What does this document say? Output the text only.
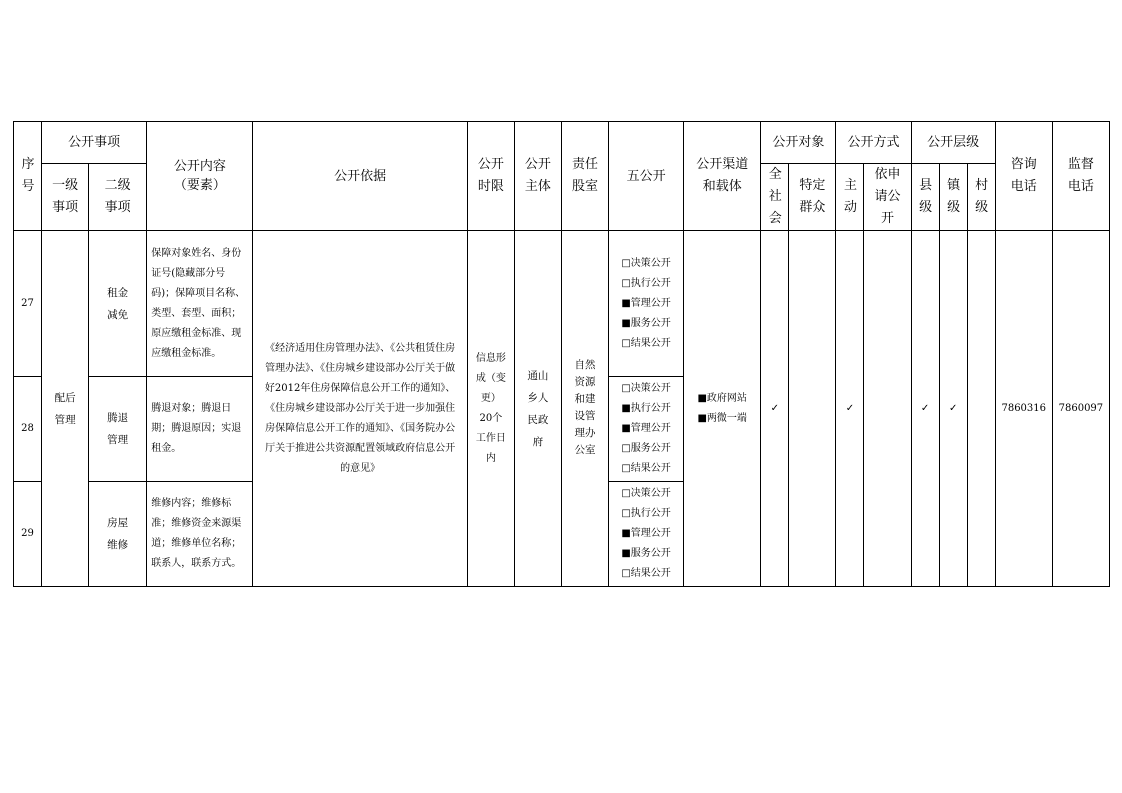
序号	公开事项		公开内容（要素）	公开依据	公开时限	公开主体	责任股室	五公开	公开渠道和载体	公开对象		公开方式		公开层级			咨询电话	监督电话
	一级事项	二级事项								全社会	特定群众	主动	依申请公开	县级	镇级	村级		
27	配后管理	租金减免	保障对象姓名、身份证号(隐藏部分号码)；保障项目名称、类型、套型、面积；原应缴租金标准、现应缴租金标准。	《经济适用住房管理办法》、《公共租赁住房管理办法》、《住房城乡建设部办公厅关于做好2012年住房保障信息公开工作的通知》、《住房城乡建设部办公厅关于进一步加强住房保障信息公开工作的通知》、《国务院办公厅关于推进公共资源配置领域政府信息公开的意见》	信息形成（变更）20个工作日内	通山乡人民政府	自然资源和建设管理办公室	□决策公开
□执行公开
■管理公开
■服务公开
□结果公开	■政府网站
■两微一端	✓		✓		✓	✓		7860316	7860097
28		腾退管理	腾退对象；腾退日期；腾退原因；实退租金。					□决策公开
■执行公开
■管理公开
□服务公开
□结果公开										

29		房屋维修	维修内容；维修标准；维修资金来源渠道；维修单位名称；联系人，联系方式。					□决策公开
□执行公开
■管理公开
■服务公开
□结果公开										
